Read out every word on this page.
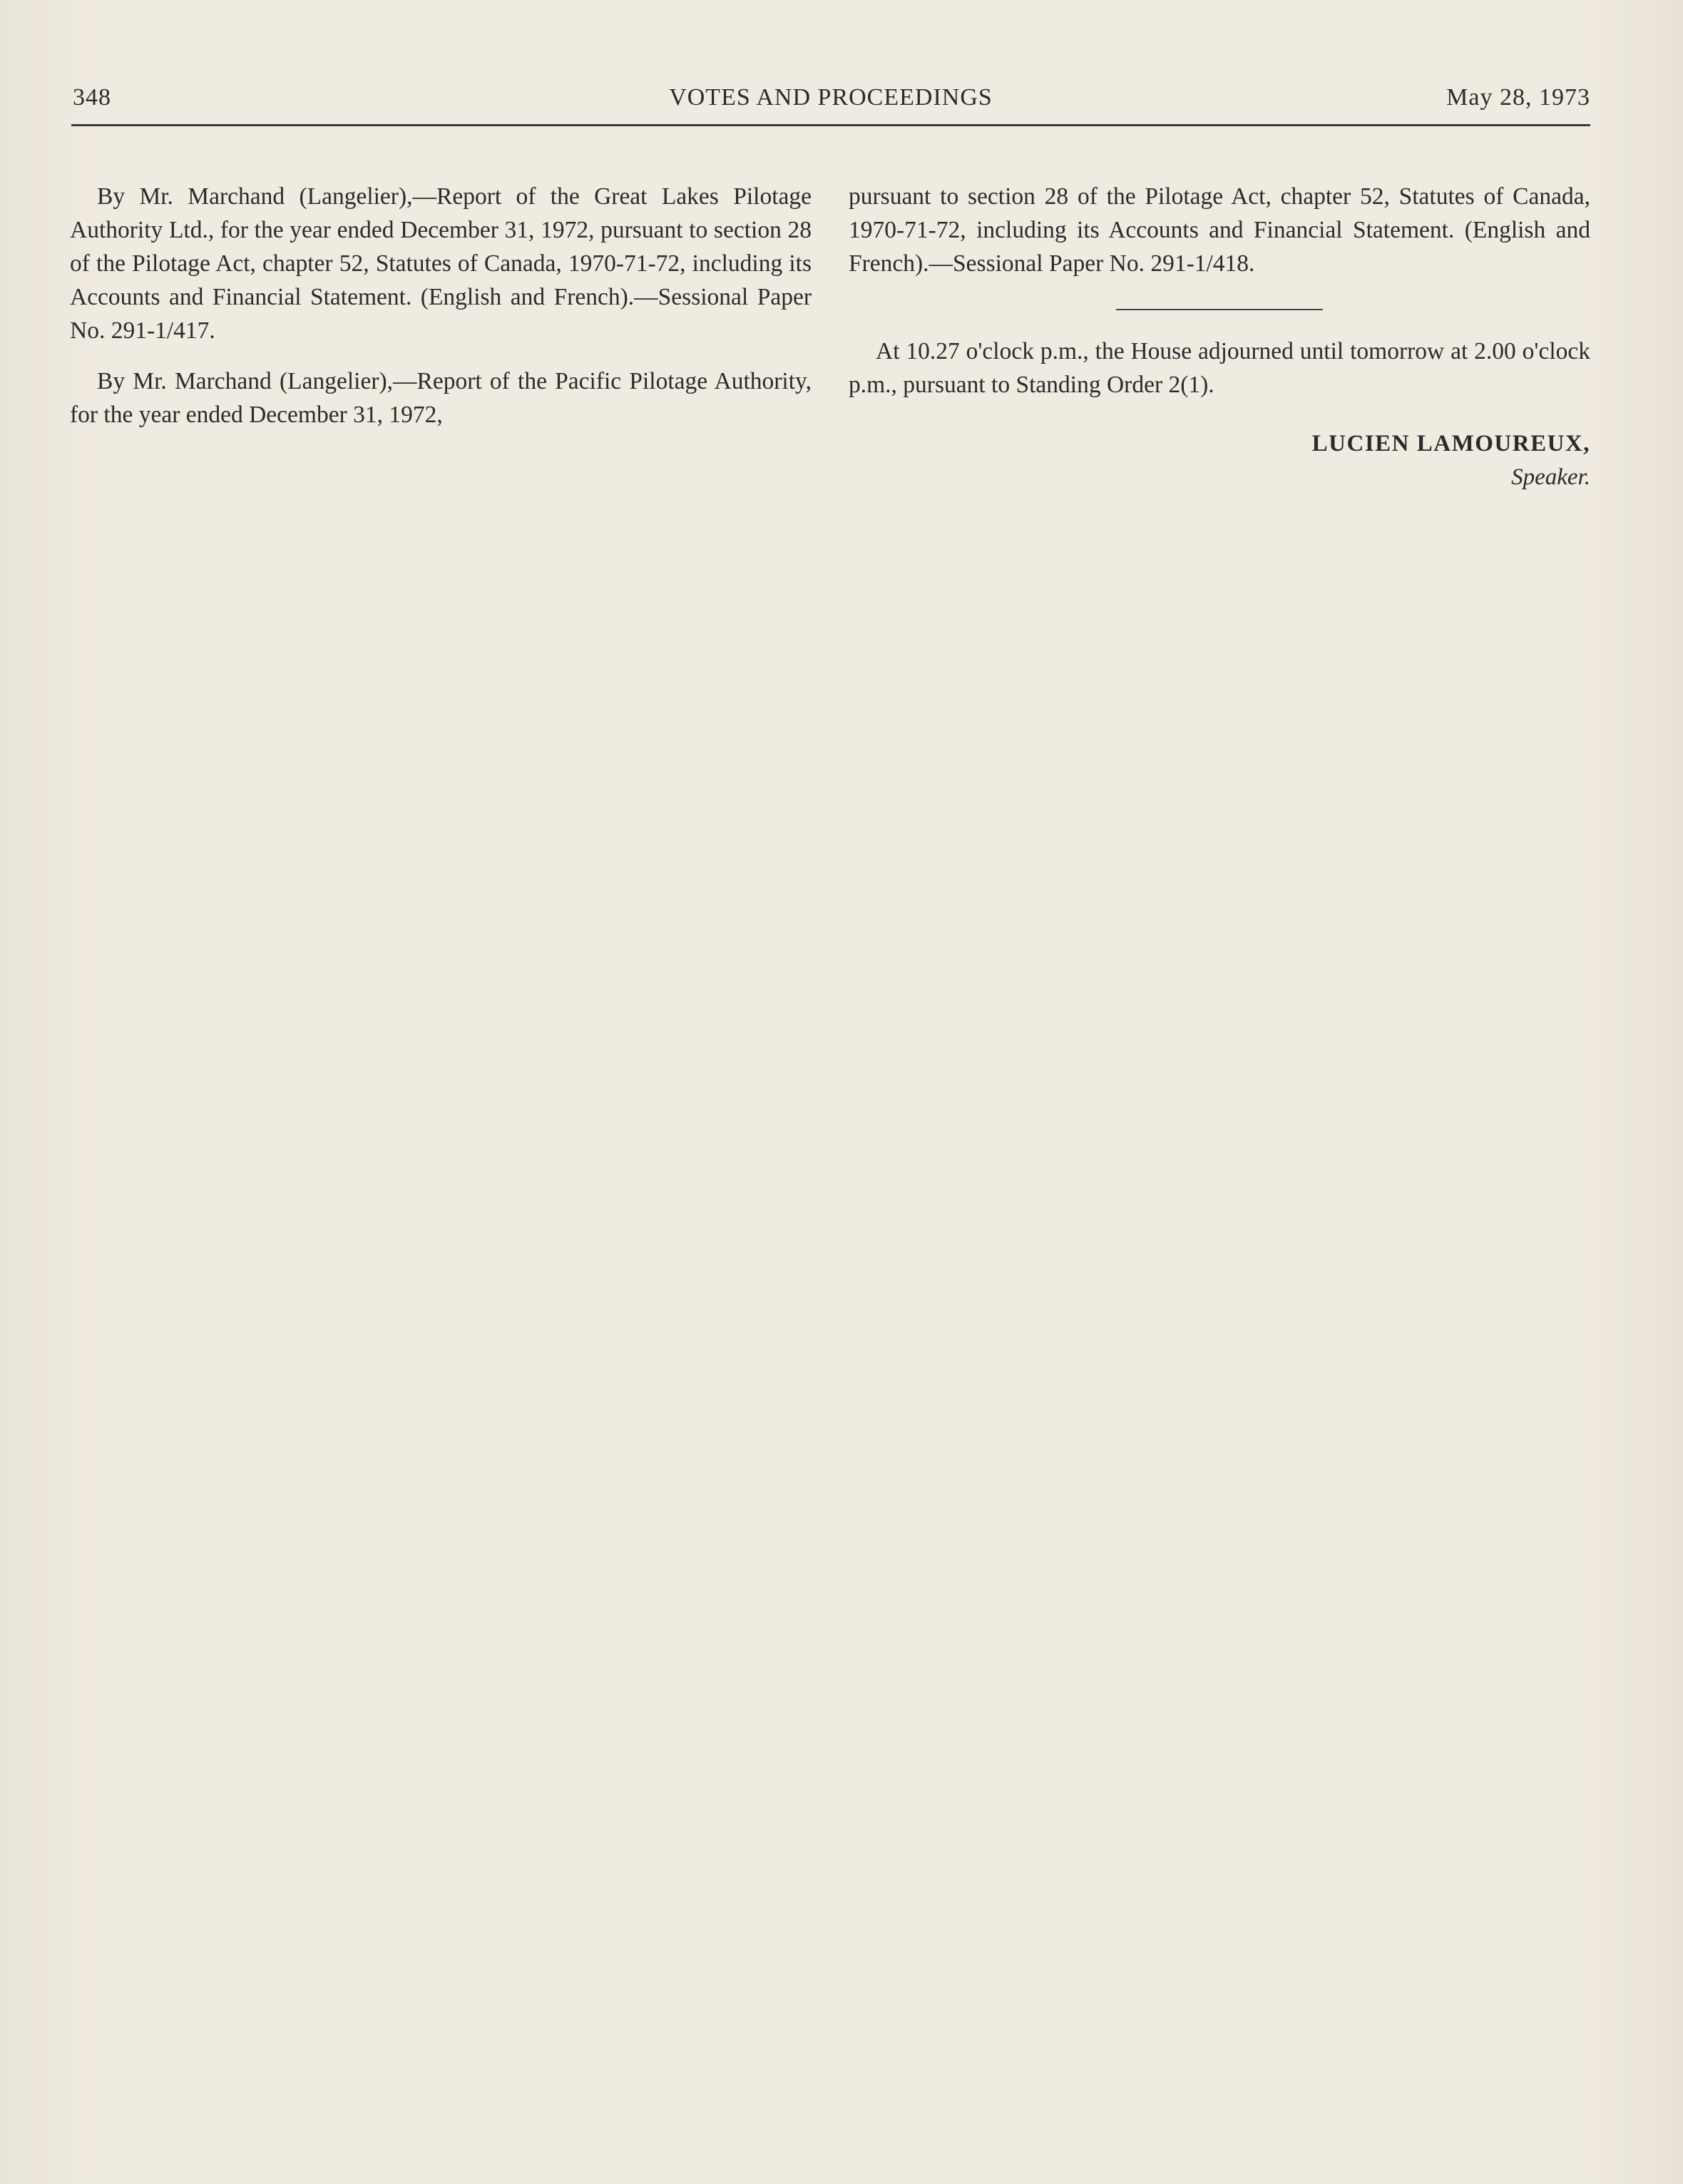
348	VOTES AND PROCEEDINGS	May 28, 1973

By Mr. Marchand (Langelier),—Report of the Great Lakes Pilotage Authority Ltd., for the year ended December 31, 1972, pursuant to section 28 of the Pilotage Act, chapter 52, Statutes of Canada, 1970-71-72, including its Accounts and Financial Statement. (English and French).—Sessional Paper No. 291-1/417.

By Mr. Marchand (Langelier),—Report of the Pacific Pilotage Authority, for the year ended December 31, 1972,

pursuant to section 28 of the Pilotage Act, chapter 52, Statutes of Canada, 1970-71-72, including its Accounts and Financial Statement. (English and French).—Sessional Paper No. 291-1/418.

At 10.27 o'clock p.m., the House adjourned until tomorrow at 2.00 o'clock p.m., pursuant to Standing Order 2(1).

LUCIEN LAMOUREUX,
Speaker.
